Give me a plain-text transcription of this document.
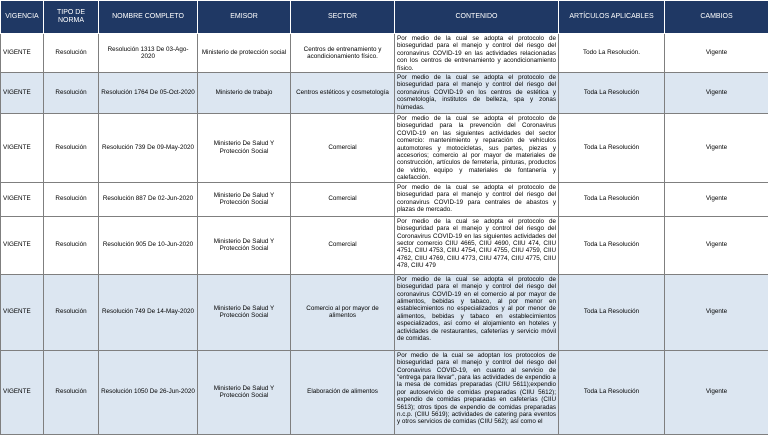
VIGENCIA	TIPO DE NORMA	NOMBRE COMPLETO	EMISOR	SECTOR	CONTENIDO	ARTÍCULOS APLICABLES	CAMBIOS
VIGENTE	Resolución	Resolución 1313 De 03-Ago-2020	Ministerio de protección social	Centros de entrenamiento y acondicionamiento físico.	Por medio de la cual se adopta el protocolo de bioseguridad para el manejo y control del riesgo del coronavirus COVID-19 en las actividades relacionadas con los centros de entrenamiento y acondicionamiento físico.	Todo La Resolución.	Vigente
VIGENTE	Resolución	Resolución 1764 De 05-Oct-2020	Ministerio de trabajo	Centros estéticos y cosmetología	Por medio de la cual se adopta el protocolo de bioseguridad para el manejo y control del riesgo del coronavirus COVID-19 en los centros de estética y cosmetología, institutos de belleza, spa y zonas húmedas.	Toda La Resolución	Vigente
VIGENTE	Resolución	Resolución 739 De 09-May-2020	Ministerio De Salud Y Protección Social	Comercial	Por medio de la cual se adopta el protocolo de bioseguridad para la prevención del Coronavirus COVID-19 en las siguientes actividades del sector comercio: mantenimiento y reparación de vehículos automotores y motocicletas, sus partes, piezas y accesorios; comercio al por mayor de materiales de construcción, artículos de ferretería, pinturas, productos de vidrio, equipo y materiales de fontanería y calefacción.	Toda La Resolución	Vigente
VIGENTE	Resolución	Resolución 887 De 02-Jun-2020	Ministerio De Salud Y Protección Social	Comercial	Por medio de la cual se adopta el protocolo de bioseguridad para el manejo y control del riesgo del coronavirus COVID-19 para centrales de abastos y plazas de mercado.	Toda La Resolución	Vigente
VIGENTE	Resolución	Resolución 905 De 10-Jun-2020	Ministerio De Salud Y Protección Social	Comercial	Por medio de la cual se adopta el protocolo de bioseguridad para el manejo y control del riesgo del Coronavirus COVID-19 en las siguientes actividades del sector comercio CIIU 4665, CIIU 4690, CIIU 474, CIIU 4751, CIIU 4753, CIIU 4754, CIIU 4755, CIIU 4759, CIIU 4762, CIIU 4769, CIIU 4773, CIIU 4774, CIIU 4775, CIIU 478, CIIU 479	Toda La Resolución	Vigente
VIGENTE	Resolución	Resolución 749 De 14-May-2020	Ministerio De Salud Y Protección Social	Comercio al por mayor de alimentos	Por medio de la cual se adopta el protocolo de bioseguridad para el manejo y control del riesgo del coronavirus COVID-19 en el comercio al por mayor de alimentos, bebidas y tabaco, al por menor en establecimientos no especializados y al por menor de alimentos, bebidas y tabaco en establecimientos especializados, así como el alojamiento en hoteles y actividades de restaurantes, cafeterías y servicio móvil de comidas.	Toda La Resolución	Vigente
VIGENTE	Resolución	Resolución 1050 De 26-Jun-2020	Ministerio De Salud Y Protección Social	Elaboración de alimentos	Por medio de la cual se adoptan los protocolos de bioseguridad para el manejo y control del riesgo del Coronavirus COVID-19, en cuanto al servicio de "entrega para llevar", para las actividades de expendio a la mesa de comidas preparadas (CIIU 5611);expendio por autoservicio de comidas preparadas (CIIU 5612); expendio de comidas preparadas en cafeterías (CIIU 5613); otros tipos de expendio de comidas preparadas n.c.p. (CIIU 5619); actividades de catering para eventos y otros servicios de comidas (CIIU 562); así como el	Toda La Resolución	Vigente
